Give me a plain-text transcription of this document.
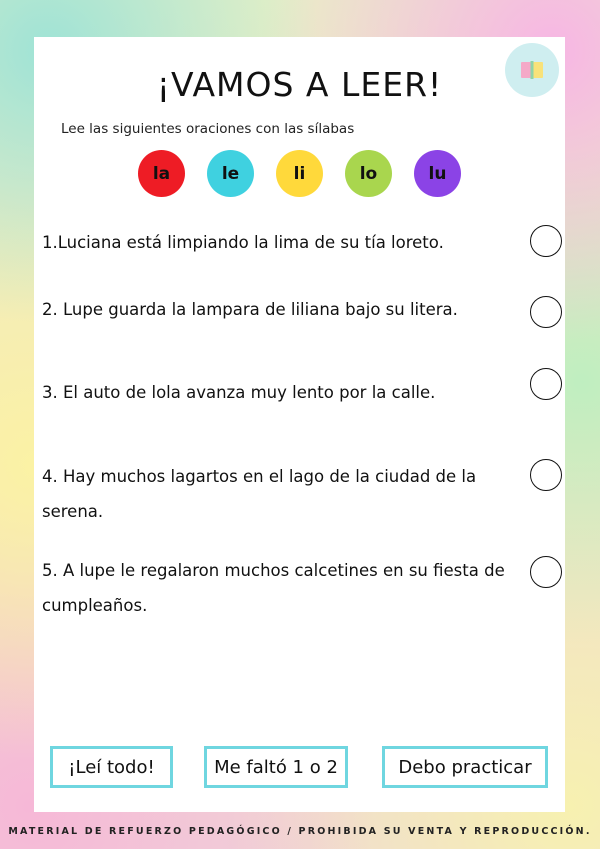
¡VAMOS A LEER!

Lee las siguientes oraciones con las sílabas

la	le	li	lo	lu

1.Luciana está limpiando la lima de su tía loreto.

2. Lupe guarda la lampara de liliana bajo su litera.

3. El auto de lola avanza muy lento por la calle.

4. Hay muchos lagartos en el lago de la ciudad de la serena.

5. A lupe le regalaron muchos calcetines en su fiesta de cumpleaños.

¡Leí todo!	Me faltó 1 o 2	Debo practicar

MATERIAL DE REFUERZO PEDAGÓGICO / PROHIBIDA SU VENTA Y REPRODUCCIÓN.
